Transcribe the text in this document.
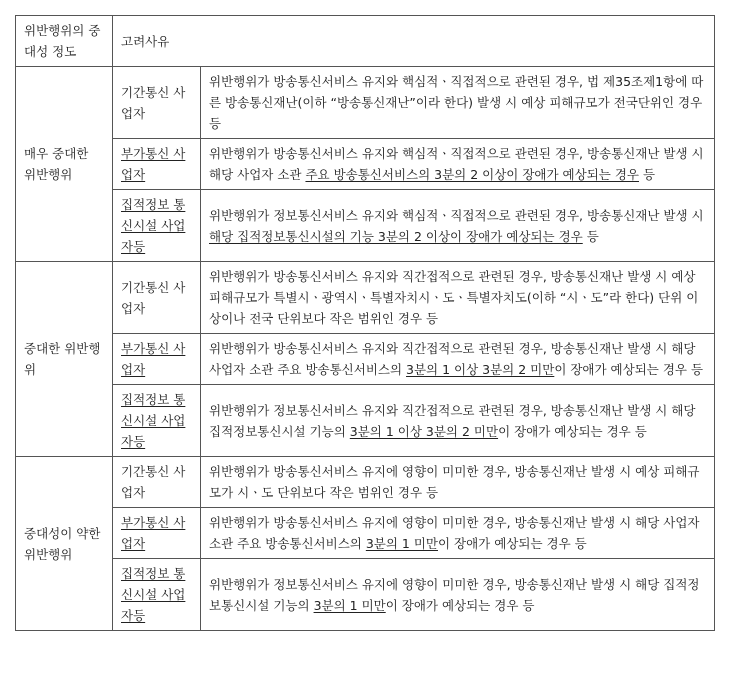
위반행위의 중대성 정도	고려사유	
매우 중대한 위반행위	기간통신 사업자	위반행위가 방송통신서비스 유지와 핵심적ㆍ직접적으로 관련된 경우, 법 제35조제1항에 따른 방송통신재난(이하 “방송통신재난”이라 한다) 발생 시 예상 피해규모가 전국단위인 경우 등
	부가통신 사업자	위반행위가 방송통신서비스 유지와 핵심적ㆍ직접적으로 관련된 경우, 방송통신재난 발생 시 해당 사업자 소관 주요 방송통신서비스의 3분의 2 이상이 장애가 예상되는 경우 등
	집적정보 통신시설 사업자등	위반행위가 정보통신서비스 유지와 핵심적ㆍ직접적으로 관련된 경우, 방송통신재난 발생 시 해당 집적정보통신시설의 기능 3분의 2 이상이 장애가 예상되는 경우 등
중대한 위반행위	기간통신 사업자	위반행위가 방송통신서비스 유지와 직간접적으로 관련된 경우, 방송통신재난 발생 시 예상 피해규모가 특별시ㆍ광역시ㆍ특별자치시ㆍ도ㆍ특별자치도(이하 “시ㆍ도”라 한다) 단위 이상이나 전국 단위보다 작은 범위인 경우 등
	부가통신 사업자	위반행위가 방송통신서비스 유지와 직간접적으로 관련된 경우, 방송통신재난 발생 시 해당 사업자 소관 주요 방송통신서비스의 3분의 1 이상 3분의 2 미만이 장애가 예상되는 경우 등
	집적정보 통신시설 사업자등	위반행위가 정보통신서비스 유지와 직간접적으로 관련된 경우, 방송통신재난 발생 시 해당 집적정보통신시설 기능의 3분의 1 이상 3분의 2 미만이 장애가 예상되는 경우 등
중대성이 약한 위반행위	기간통신 사업자	위반행위가 방송통신서비스 유지에 영향이 미미한 경우, 방송통신재난 발생 시 예상 피해규모가 시ㆍ도 단위보다 작은 범위인 경우 등
	부가통신 사업자	위반행위가 방송통신서비스 유지에 영향이 미미한 경우, 방송통신재난 발생 시 해당 사업자 소관 주요 방송통신서비스의 3분의 1 미만이 장애가 예상되는 경우 등
	집적정보 통신시설 사업자등	위반행위가 정보통신서비스 유지에 영향이 미미한 경우, 방송통신재난 발생 시 해당 집적정보통신시설 기능의 3분의 1 미만이 장애가 예상되는 경우 등
